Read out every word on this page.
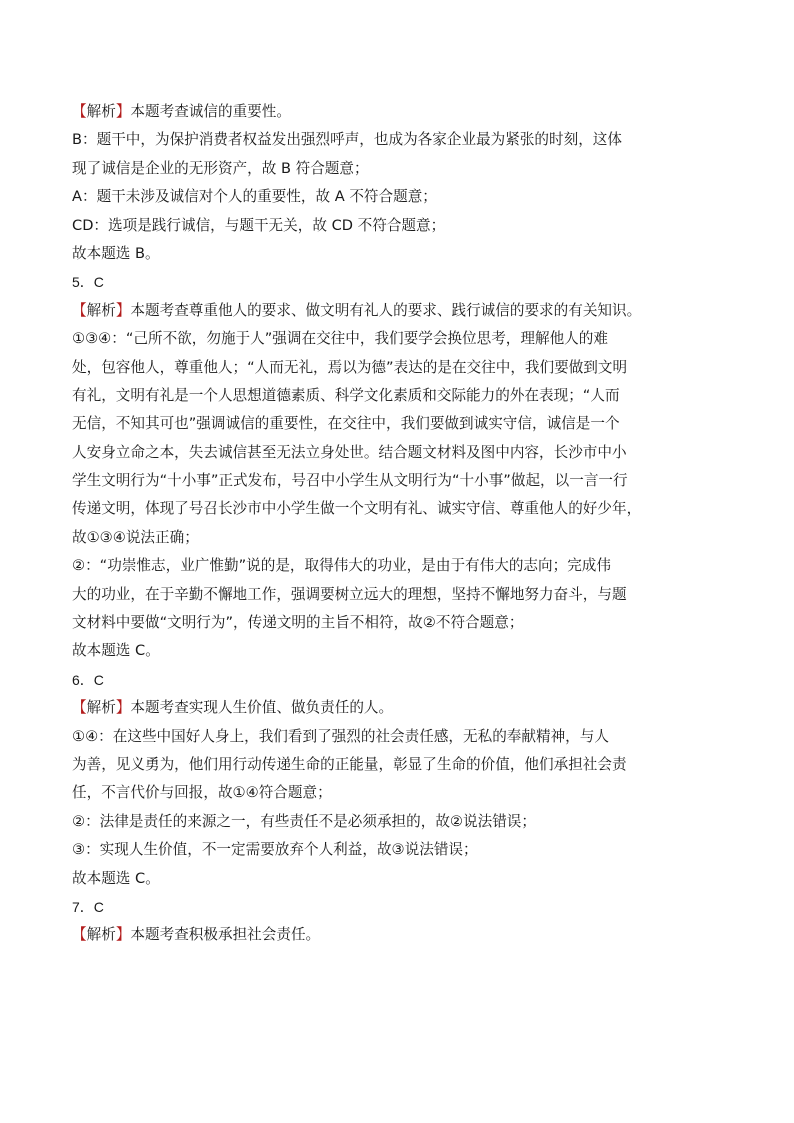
【解析】本题考查诚信的重要性。
B：题干中，为保护消费者权益发出强烈呼声，也成为各家企业最为紧张的时刻，这体
现了诚信是企业的无形资产，故 B 符合题意；
A：题干未涉及诚信对个人的重要性，故 A 不符合题意；
CD：选项是践行诚信，与题干无关，故 CD 不符合题意；
故本题选 B。
5．C
【解析】本题考查尊重他人的要求、做文明有礼人的要求、践行诚信的要求的有关知识。
①③④：“己所不欲，勿施于人”强调在交往中，我们要学会换位思考，理解他人的难
处，包容他人，尊重他人；“人而无礼，焉以为德”表达的是在交往中，我们要做到文明
有礼，文明有礼是一个人思想道德素质、科学文化素质和交际能力的外在表现；“人而
无信，不知其可也”强调诚信的重要性，在交往中，我们要做到诚实守信，诚信是一个
人安身立命之本，失去诚信甚至无法立身处世。结合题文材料及图中内容，长沙市中小
学生文明行为“十小事”正式发布，号召中小学生从文明行为“十小事”做起，以一言一行
传递文明，体现了号召长沙市中小学生做一个文明有礼、诚实守信、尊重他人的好少年，
故①③④说法正确；
②：“功崇惟志，业广惟勤”说的是，取得伟大的功业，是由于有伟大的志向；完成伟
大的功业，在于辛勤不懈地工作，强调要树立远大的理想，坚持不懈地努力奋斗，与题
文材料中要做“文明行为”，传递文明的主旨不相符，故②不符合题意；
故本题选 C。
6．C
【解析】本题考查实现人生价值、做负责任的人。
①④：在这些中国好人身上，我们看到了强烈的社会责任感，无私的奉献精神，与人
为善，见义勇为，他们用行动传递生命的正能量，彰显了生命的价值，他们承担社会责
任，不言代价与回报，故①④符合题意；
②：法律是责任的来源之一，有些责任不是必须承担的，故②说法错误；
③：实现人生价值，不一定需要放弃个人利益，故③说法错误；
故本题选 C。
7．C
【解析】本题考查积极承担社会责任。
